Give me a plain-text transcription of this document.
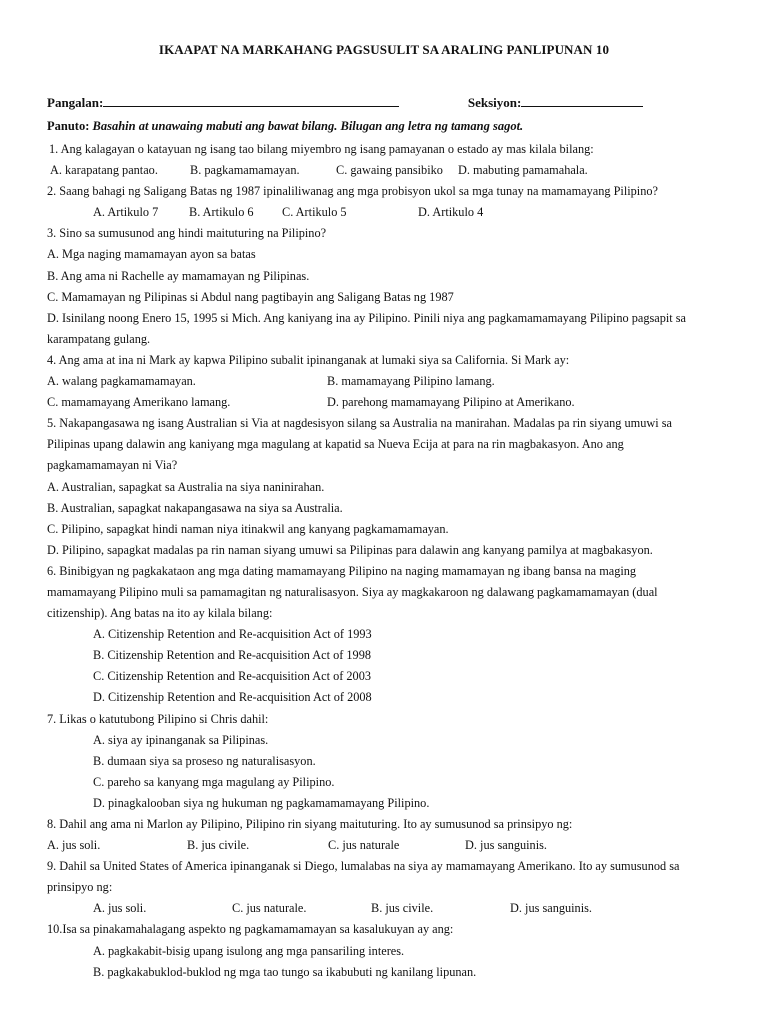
IKAAPAT NA MARKAHANG PAGSUSULIT SA ARALING PANLIPUNAN 10
Pangalan:	Seksiyon:
Panuto: Basahin at unawaing mabuti ang bawat bilang. Bilugan ang letra ng tamang sagot.
1. Ang kalagayan o katayuan ng isang tao bilang miyembro ng isang pamayanan o estado ay mas kilala bilang:
A. karapatang pantao.	B. pagkamamamayan.	C. gawaing pansibiko	D. mabuting pamamahala.
2. Saang bahagi ng Saligang Batas ng 1987 ipinaliliwanag ang mga probisyon ukol sa mga tunay na mamamayang Pilipino?
A. Artikulo 7	B. Artikulo 6	C. Artikulo 5	D. Artikulo 4
3. Sino sa sumusunod ang hindi maituturing na Pilipino?
A. Mga naging mamamayan ayon sa batas
B. Ang ama ni Rachelle ay mamamayan ng Pilipinas.
C. Mamamayan ng Pilipinas si Abdul nang pagtibayin ang Saligang Batas ng 1987
D. Isinilang noong Enero 15, 1995 si Mich. Ang kaniyang ina ay Pilipino. Pinili niya ang pagkamamamayang Pilipino pagsapit sa
karampatang gulang.
4. Ang ama at ina ni Mark ay kapwa Pilipino subalit ipinanganak at lumaki siya sa California. Si Mark ay:
A. walang pagkamamamayan.	B. mamamayang Pilipino lamang.
C. mamamayang Amerikano lamang.	D. parehong mamamayang Pilipino at Amerikano.
5. Nakapangasawa ng isang Australian si Via at nagdesisyon silang sa Australia na manirahan. Madalas pa rin siyang umuwi sa
Pilipinas upang dalawin ang kaniyang mga magulang at kapatid sa Nueva Ecija at para na rin magbakasyon. Ano ang
pagkamamamayan ni Via?
A. Australian, sapagkat sa Australia na siya naninirahan.
B. Australian, sapagkat nakapangasawa na siya sa Australia.
C. Pilipino, sapagkat hindi naman niya itinakwil ang kanyang pagkamamamayan.
D. Pilipino, sapagkat madalas pa rin naman siyang umuwi sa Pilipinas para dalawin ang kanyang pamilya at magbakasyon.
6. Binibigyan ng pagkakataon ang mga dating mamamayang Pilipino na naging mamamayan ng ibang bansa na maging
mamamayang Pilipino muli sa pamamagitan ng naturalisasyon. Siya ay magkakaroon ng dalawang pagkamamamayan (dual
citizenship). Ang batas na ito ay kilala bilang:
A. Citizenship Retention and Re-acquisition Act of 1993
B. Citizenship Retention and Re-acquisition Act of 1998
C. Citizenship Retention and Re-acquisition Act of 2003
D. Citizenship Retention and Re-acquisition Act of 2008
7. Likas o katutubong Pilipino si Chris dahil:
A. siya ay ipinanganak sa Pilipinas.
B. dumaan siya sa proseso ng naturalisasyon.
C. pareho sa kanyang mga magulang ay Pilipino.
D. pinagkalooban siya ng hukuman ng pagkamamamayang Pilipino.
8. Dahil ang ama ni Marlon ay Pilipino, Pilipino rin siyang maituturing. Ito ay sumusunod sa prinsipyo ng:
A. jus soli.	B. jus civile.	C. jus naturale	D. jus sanguinis.
9. Dahil sa United States of America ipinanganak si Diego, lumalabas na siya ay mamamayang Amerikano. Ito ay sumusunod sa
prinsipyo ng:
A. jus soli.	C. jus naturale.	B. jus civile.	D. jus sanguinis.
10.Isa sa pinakamahalagang aspekto ng pagkamamamayan sa kasalukuyan ay ang:
A. pagkakabit-bisig upang isulong ang mga pansariling interes.
B. pagkakabuklod-buklod ng mga tao tungo sa ikabubuti ng kanilang lipunan.
